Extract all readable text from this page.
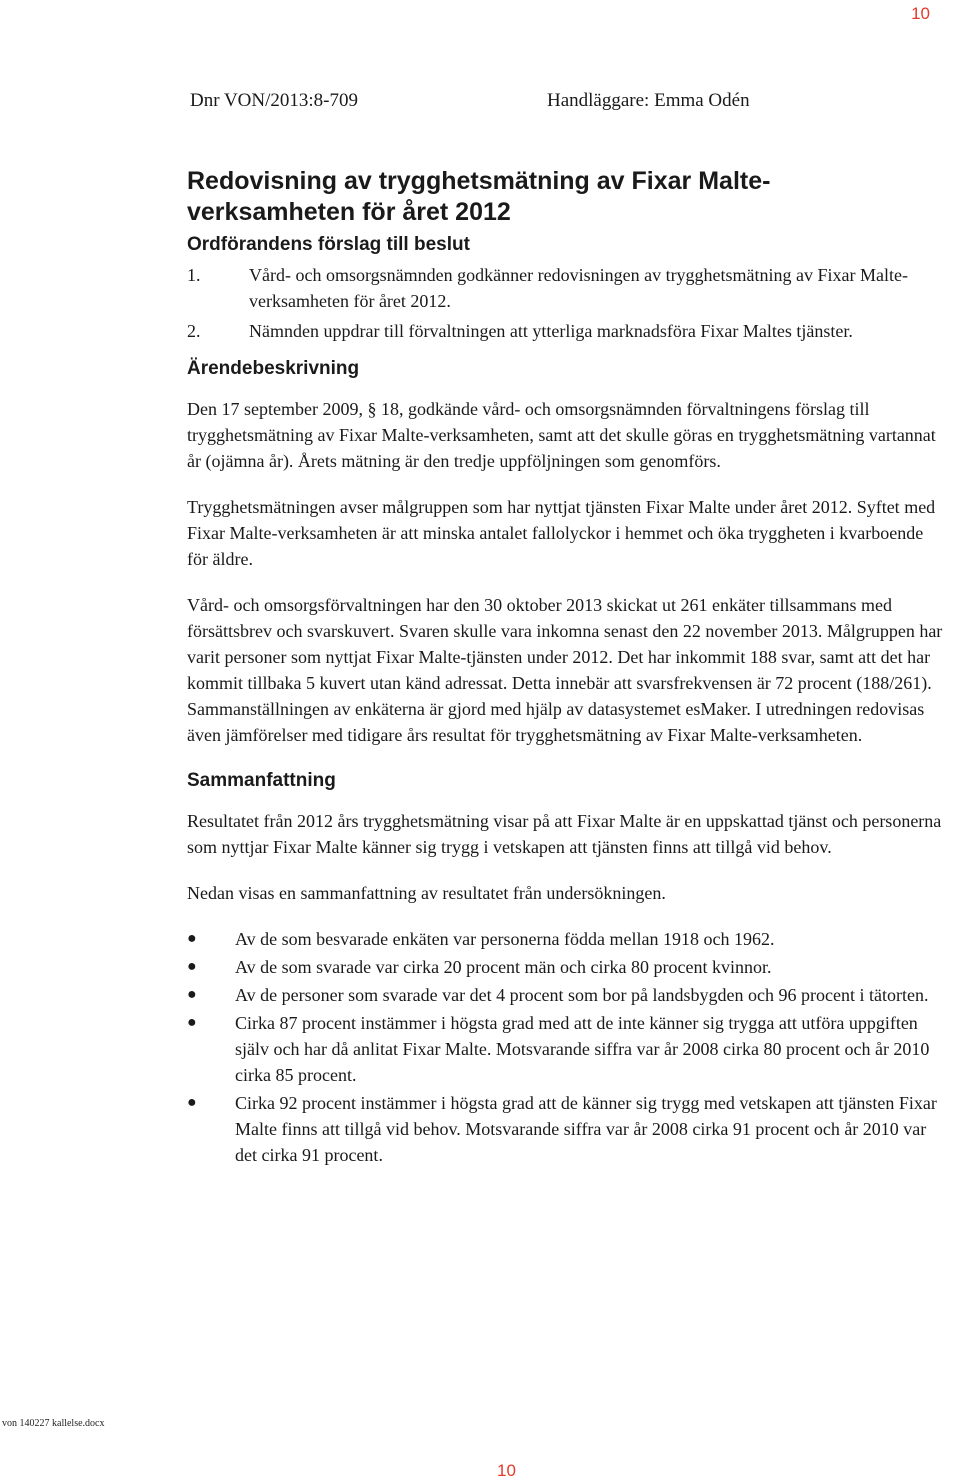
10
Dnr VON/2013:8-709	Handläggare: Emma Odén
Redovisning av trygghetsmätning av Fixar Malte-verksamheten för året 2012
Ordförandens förslag till beslut
1.	Vård- och omsorgsnämnden godkänner redovisningen av trygghetsmätning av Fixar Malte-verksamheten för året 2012.
2.	Nämnden uppdrar till förvaltningen att ytterliga marknadsföra Fixar Maltes tjänster.
Ärendebeskrivning

Den 17 september 2009, § 18, godkände vård- och omsorgsnämnden förvaltningens förslag till trygghetsmätning av Fixar Malte-verksamheten, samt att det skulle göras en trygghetsmätning vartannat år (ojämna år). Årets mätning är den tredje uppföljningen som genomförs.

Trygghetsmätningen avser målgruppen som har nyttjat tjänsten Fixar Malte under året 2012. Syftet med Fixar Malte-verksamheten är att minska antalet fallolyckor i hemmet och öka tryggheten i kvarboende för äldre.

Vård- och omsorgsförvaltningen har den 30 oktober 2013 skickat ut 261 enkäter tillsammans med försättsbrev och svarskuvert. Svaren skulle vara inkomna senast den 22 november 2013. Målgruppen har varit personer som nyttjat Fixar Malte-tjänsten under 2012. Det har inkommit 188 svar, samt att det har kommit tillbaka 5 kuvert utan känd adressat. Detta innebär att svarsfrekvensen är 72 procent (188/261). Sammanställningen av enkäterna är gjord med hjälp av datasystemet esMaker. I utredningen redovisas även jämförelser med tidigare års resultat för trygghetsmätning av Fixar Malte-verksamheten.

Sammanfattning

Resultatet från 2012 års trygghetsmätning visar på att Fixar Malte är en uppskattad tjänst och personerna som nyttjar Fixar Malte känner sig trygg i vetskapen att tjänsten finns att tillgå vid behov.

Nedan visas en sammanfattning av resultatet från undersökningen.

● Av de som besvarade enkäten var personerna födda mellan 1918 och 1962.
● Av de som svarade var cirka 20 procent män och cirka 80 procent kvinnor.
● Av de personer som svarade var det 4 procent som bor på landsbygden och 96 procent i tätorten.
● Cirka 87 procent instämmer i högsta grad med att de inte känner sig trygga att utföra uppgiften själv och har då anlitat Fixar Malte. Motsvarande siffra var år 2008 cirka 80 procent och år 2010 cirka 85 procent.
● Cirka 92 procent instämmer i högsta grad att de känner sig trygg med vetskapen att tjänsten Fixar Malte finns att tillgå vid behov. Motsvarande siffra var år 2008 cirka 91 procent och år 2010 var det cirka 91 procent.
von 140227 kallelse.docx
10
